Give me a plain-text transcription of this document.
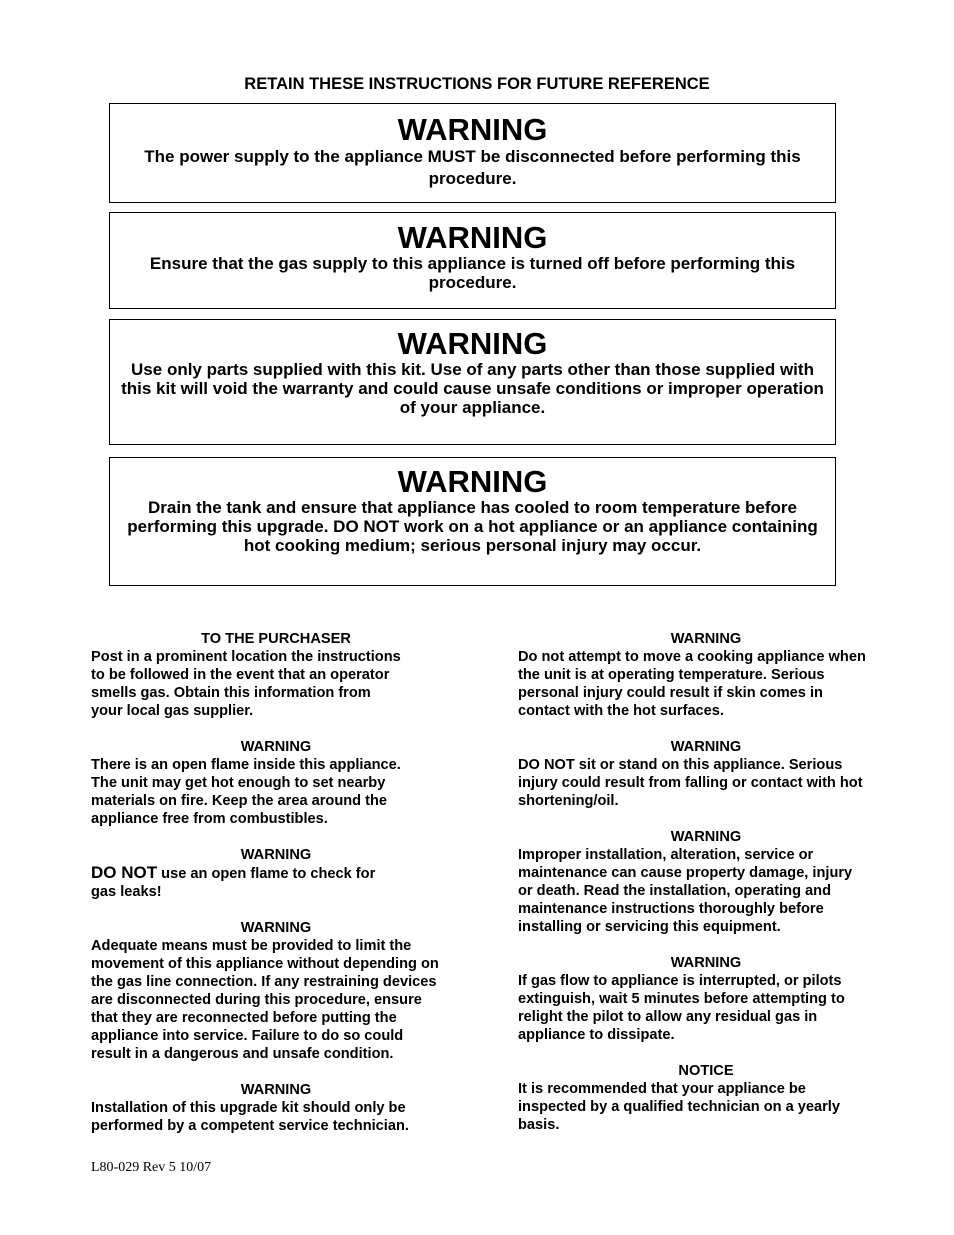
RETAIN THESE INSTRUCTIONS FOR FUTURE REFERENCE
WARNING
The power supply to the appliance MUST be disconnected before performing this procedure.
WARNING
Ensure that the gas supply to this appliance is turned off before performing this procedure.
WARNING
Use only parts supplied with this kit. Use of any parts other than those supplied with this kit will void the warranty and could cause unsafe conditions or improper operation of your appliance.
WARNING
Drain the tank and ensure that appliance has cooled to room temperature before performing this upgrade. DO NOT work on a hot appliance or an appliance containing hot cooking medium; serious personal injury may occur.
TO THE PURCHASER
Post in a prominent location the instructions
to be followed in the event that an operator
smells gas. Obtain this information from
your local gas supplier.
WARNING
There is an open flame inside this appliance.
The unit may get hot enough to set nearby
materials on fire. Keep the area around the
appliance free from combustibles.
WARNING
DO NOT use an open flame to check for
gas leaks!
WARNING
Adequate means must be provided to limit the
movement of this appliance without depending on
the gas line connection. If any restraining devices
are disconnected during this procedure, ensure
that they are reconnected before putting the
appliance into service. Failure to do so could
result in a dangerous and unsafe condition.
WARNING
Installation of this upgrade kit should only be
performed by a competent service technician.
WARNING
Do not attempt to move a cooking appliance when
the unit is at operating temperature. Serious
personal injury could result if skin comes in
contact with the hot surfaces.
WARNING
DO NOT sit or stand on this appliance. Serious
injury could result from falling or contact with hot
shortening/oil.
WARNING
Improper installation, alteration, service or
maintenance can cause property damage, injury
or death. Read the installation, operating and
maintenance instructions thoroughly before
installing or servicing this equipment.
WARNING
If gas flow to appliance is interrupted, or pilots
extinguish, wait 5 minutes before attempting to
relight the pilot to allow any residual gas in
appliance to dissipate.
NOTICE
It is recommended that your appliance be
inspected by a qualified technician on a yearly
basis.
L80-029 Rev 5 10/07
